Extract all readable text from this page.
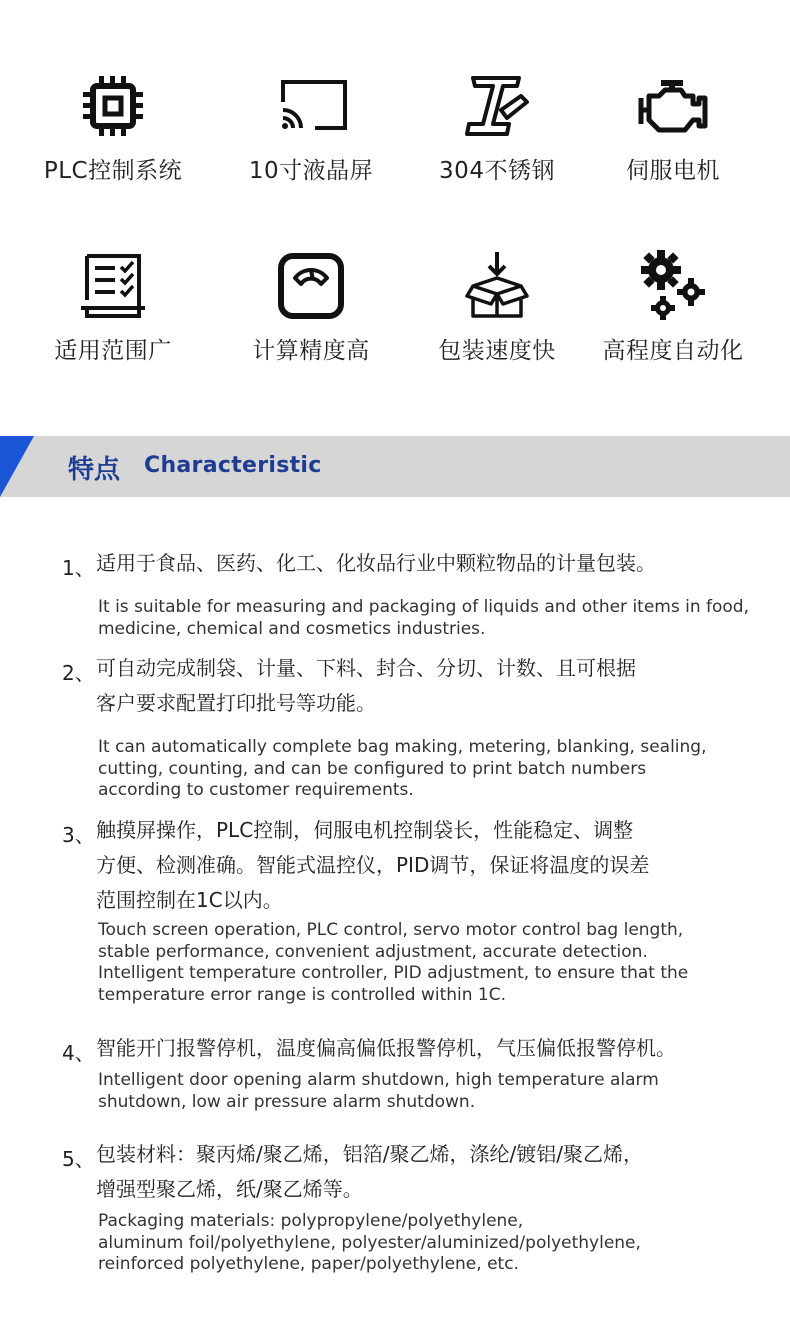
PLC控制系统	10寸液晶屏	304不锈钢	伺服电机
适用范围广	计算精度高	包装速度快	高程度自动化
特点 Characteristic
1、 适用于食品、医药、化工、化妆品行业中颗粒物品的计量包装。
It is suitable for measuring and packaging of liquids and other items in food,
medicine, chemical and cosmetics industries.
2、 可自动完成制袋、计量、下料、封合、分切、计数、且可根据
客户要求配置打印批号等功能。
It can automatically complete bag making, metering, blanking, sealing,
cutting, counting, and can be configured to print batch numbers
according to customer requirements.
3、 触摸屏操作，PLC控制，伺服电机控制袋长，性能稳定、调整
方便、检测准确。智能式温控仪，PID调节，保证将温度的误差
范围控制在1C以内。
Touch screen operation, PLC control, servo motor control bag length,
stable performance, convenient adjustment, accurate detection.
Intelligent temperature controller, PID adjustment, to ensure that the
temperature error range is controlled within 1C.
4、 智能开门报警停机，温度偏高偏低报警停机，气压偏低报警停机。
Intelligent door opening alarm shutdown, high temperature alarm
shutdown, low air pressure alarm shutdown.
5、 包装材料：聚丙烯/聚乙烯，铝箔/聚乙烯，涤纶/镀铝/聚乙烯，
增强型聚乙烯，纸/聚乙烯等。
Packaging materials: polypropylene/polyethylene,
aluminum foil/polyethylene, polyester/aluminized/polyethylene,
reinforced polyethylene, paper/polyethylene, etc.
